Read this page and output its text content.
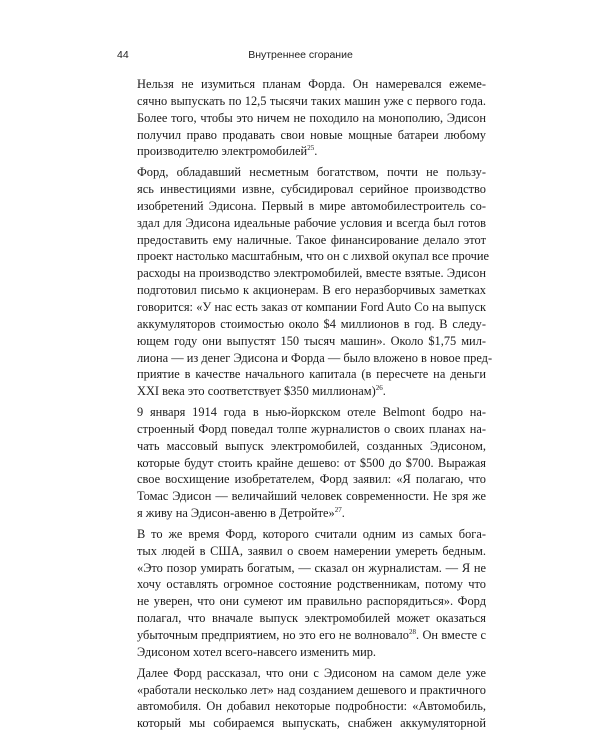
44	Внутреннее сгорание

Нельзя не изумиться планам Форда. Он намеревался ежеме-
сячно выпускать по 12,5 тысячи таких машин уже с первого года.
Более того, чтобы это ничем не походило на монополию, Эдисон
получил право продавать свои новые мощные батареи любому
производителю электромобилей$^{25}$.

Форд, обладавший несметным богатством, почти не пользу-
ясь инвестициями извне, субсидировал серийное производство
изобретений Эдисона. Первый в мире автомобилестроитель со-
здал для Эдисона идеальные рабочие условия и всегда был готов
предоставить ему наличные. Такое финансирование делало этот
проект настолько масштабным, что он с лихвой окупал все прочие
расходы на производство электромобилей, вместе взятые. Эдисон
подготовил письмо к акционерам. В его неразборчивых заметках
говорится: «У нас есть заказ от компании Ford Auto Co на выпуск
аккумуляторов стоимостью около $4 миллионов в год. В следу-
ющем году они выпустят 150 тысяч машин». Около $1,75 мил-
лиона — из денег Эдисона и Форда — было вложено в новое пред-
приятие в качестве начального капитала (в пересчете на деньги
XXI века это соответствует $350 миллионам)$^{26}$.

9 января 1914 года в нью-йоркском отеле Belmont бодро на-
строенный Форд поведал толпе журналистов о своих планах на-
чать массовый выпуск электромобилей, созданных Эдисоном,
которые будут стоить крайне дешево: от $500 до $700. Выражая
свое восхищение изобретателем, Форд заявил: «Я полагаю, что
Томас Эдисон — величайший человек современности. Не зря же
я живу на Эдисон-авеню в Детройте»$^{27}$.

В то же время Форд, которого считали одним из самых бога-
тых людей в США, заявил о своем намерении умереть бедным.
«Это позор умирать богатым, — сказал он журналистам. — Я не
хочу оставлять огромное состояние родственникам, потому что
не уверен, что они сумеют им правильно распорядиться». Форд
полагал, что вначале выпуск электромобилей может оказаться
убыточным предприятием, но это его не волновало$^{28}$. Он вместе с
Эдисоном хотел всего-навсего изменить мир.

Далее Форд рассказал, что они с Эдисоном на самом деле уже
«работали несколько лет» над созданием дешевого и практичного
автомобиля. Он добавил некоторые подробности: «Автомобиль,
который мы собираемся выпускать, снабжен аккумуляторной
